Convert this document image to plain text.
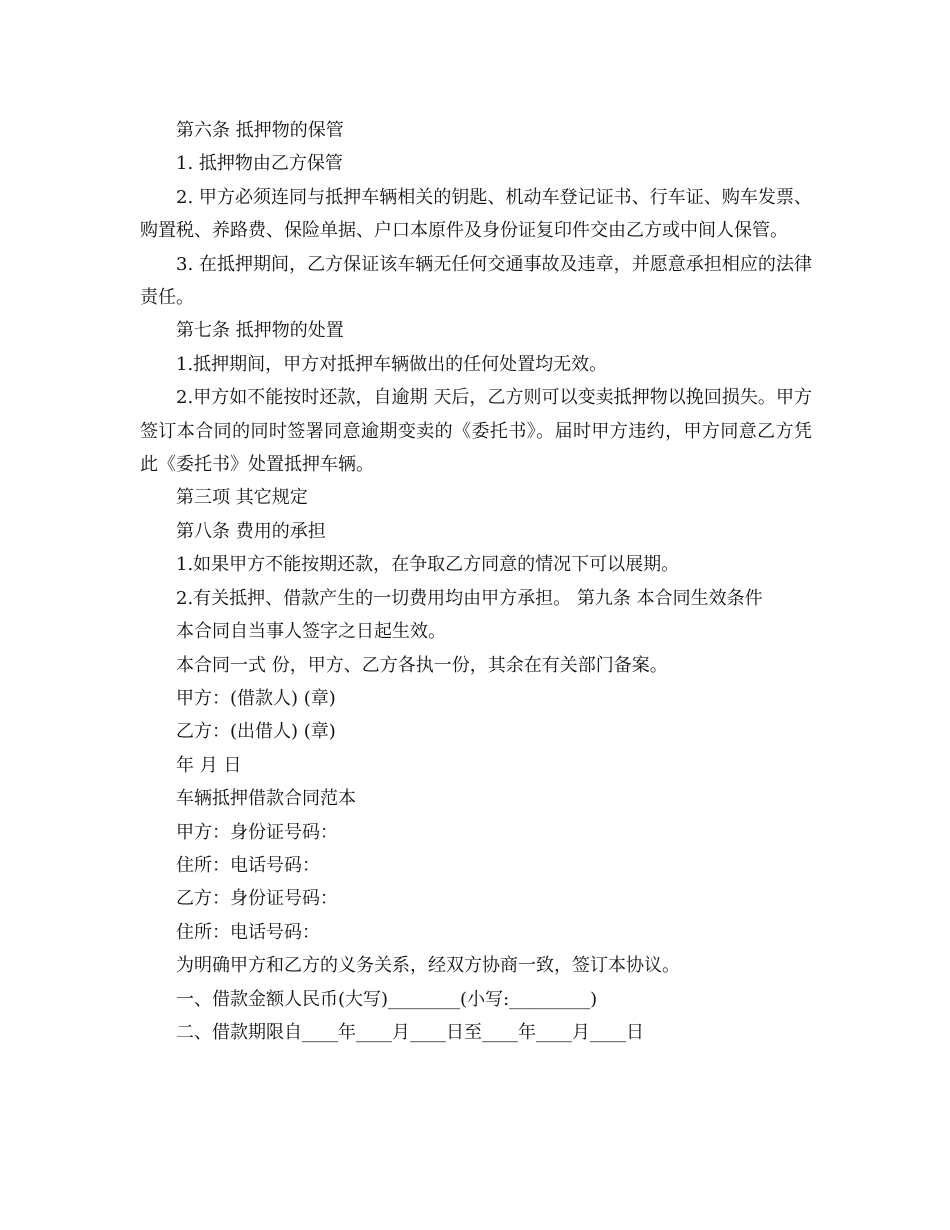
第六条 抵押物的保管

1. 抵押物由乙方保管

2. 甲方必须连同与抵押车辆相关的钥匙、机动车登记证书、行车证、购车发票、购置税、养路费、保险单据、户口本原件及身份证复印件交由乙方或中间人保管。

3. 在抵押期间，乙方保证该车辆无任何交通事故及违章，并愿意承担相应的法律责任。

第七条 抵押物的处置

1.抵押期间，甲方对抵押车辆做出的任何处置均无效。

2.甲方如不能按时还款，自逾期 天后，乙方则可以变卖抵押物以挽回损失。甲方签订本合同的同时签署同意逾期变卖的《委托书》。届时甲方违约，甲方同意乙方凭此《委托书》处置抵押车辆。

第三项 其它规定

第八条 费用的承担

1.如果甲方不能按期还款，在争取乙方同意的情况下可以展期。

2.有关抵押、借款产生的一切费用均由甲方承担。 第九条 本合同生效条件

本合同自当事人签字之日起生效。

本合同一式 份，甲方、乙方各执一份，其余在有关部门备案。

甲方：(借款人) (章)

乙方：(出借人) (章)

年 月 日

车辆抵押借款合同范本

甲方：身份证号码：

住所：电话号码：

乙方：身份证号码：

住所：电话号码：

为明确甲方和乙方的义务关系，经双方协商一致，签订本协议。

一、借款金额人民币(大写)________(小写:_________)

二、借款期限自____年____月____日至____年____月____日
